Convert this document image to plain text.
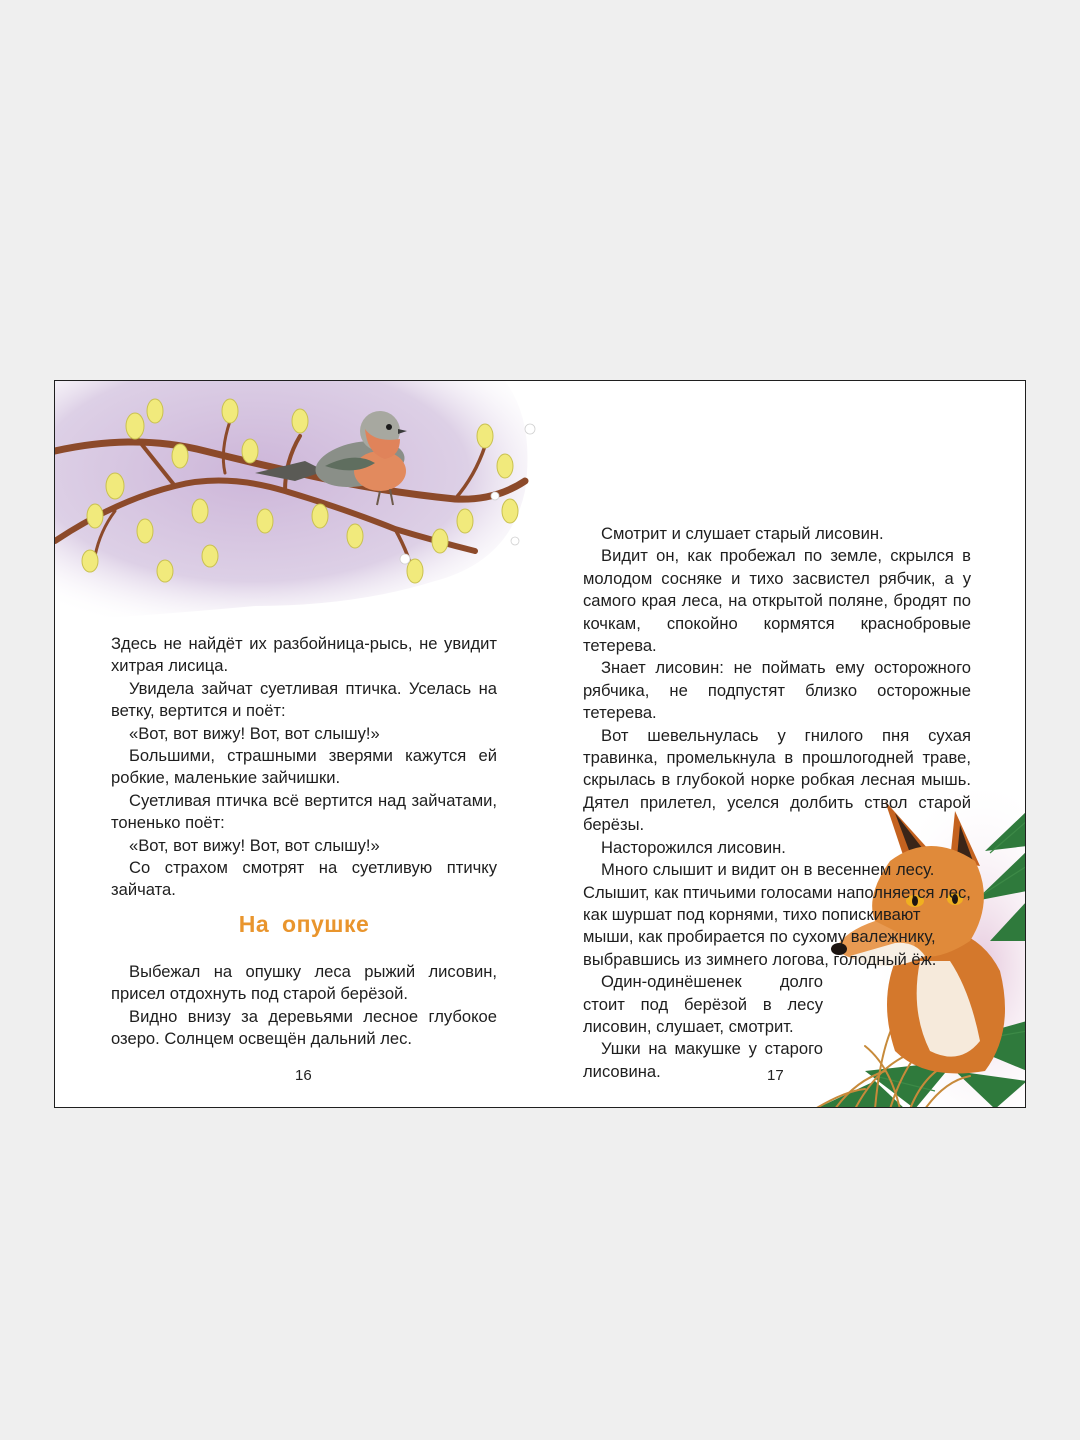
Здесь не найдёт их разбойница-рысь, не увидит хитрая лисица.

Увидела зайчат суетливая птичка. Уселась на ветку, вертится и поёт:

«Вот, вот вижу! Вот, вот слышу!»

Большими, страшными зверями кажутся ей робкие, маленькие зайчишки.

Суетливая птичка всё вертится над зайчатами, тоненько поёт:

«Вот, вот вижу! Вот, вот слышу!»

Со страхом смотрят на суетливую птичку зайчата.

На опушке

Выбежал на опушку леса рыжий лисовин, присел отдохнуть под старой берёзой.

Видно внизу за деревьями лесное глубокое озеро. Солнцем освещён дальний лес.

16

Смотрит и слушает старый лисовин.

Видит он, как пробежал по земле, скрылся в молодом сосняке и тихо засвистел рябчик, а у самого края леса, на открытой поляне, бродят по кочкам, спокойно кормятся краснобровые тетерева.

Знает лисовин: не поймать ему осторожного рябчика, не подпустят близко осторожные тетерева.

Вот шевельнулась у гнилого пня сухая травинка, промелькнула в прошлогодней траве, скрылась в глубокой норке робкая лесная мышь. Дятел прилетел, уселся долбить ствол старой берёзы.

Насторожился лисовин.

Много слышит и видит он в весеннем лесу. Слышит, как птичьими голосами наполняется лес, как шуршат под корнями, тихо попискивают мыши, как пробирается по сухому валежнику, выбравшись из зимнего логова, голодный ёж.

Один-одинёшенек долго стоит под берёзой в лесу лисовин, слушает, смотрит.

Ушки на макушке у старого лисовина.	17
